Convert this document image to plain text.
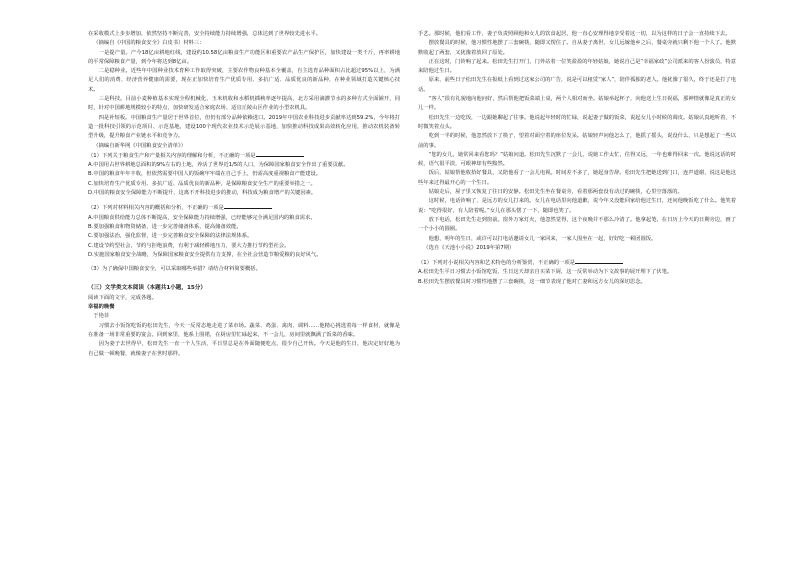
在采收模式上步步增加，依然坚持不断完善，安全持续能力持续增强，总体达到了世界较先进水平。

（摘编自《中国的粮食安全》白皮书）材料三：

一是提产量。产今18亿亩耕地红线，建设约10.58亿亩粮食生产功能区和重要农产品生产保护区，加快建设一类千斤，再率耕地的平常保障粮食产量，到今年将达到8亿亩。

二是稳种业。近些年中国种业技术育种工作取得突破，主要农作物良种基本全覆盖，自主选育品种面积占比超过95%以上，为满足人们的消费、经济营养健康的需要，现在正加快培育生产优质专用、多抗广适、品质优良的新品种，在种业领域打造关键核心技术。

三是科技。目前小麦种植基本实现全程机械化，玉米机收和水稻机插秧率逐年提高，北方采用滴灌节水的多种方式全面铺开，同时，针对中国耕地规模较小的特点，加快研发适合家庭农场、适宜丘陵山区作业的小型农机具。

四是补短板。中国粮食生产量居于世界首位，但仍有部分品种依赖进口。2019年中国农业科技进步贡献率达到59.2%，今年将打造一批科技引领的示范项目、示范基地，建设100个现代农业技术示范展示基地，加快推动科技成果高效转化应用，推动农机装备转型升级，提升粮食产业链水平和竞争力。

（摘编自新华网《中国粮食安全清单》）

（1）下列关于粮食生产和产量相关内容的理解和分析，不正确的一项是

A.中国用占世界耕地总面积的9%左右的土地，养活了世界近1/5的人口，为保障国家粮食安全作出了重要贡献。

B.中国的粮食年年丰收，但依然需要中国人的饭碗牢牢端在自己手上，仍需高度重视粮食产能建设。

C.加快培育生产优质专用、多抗广适、品质优良的新品种，是保障粮食安全生产的重要举措之一。

D.中国的粮食安全保障能力不断提升，这离不开科技进步的推动，科技成为粮食增产的关键因素。

（2）下列对材料相关内容的概括和分析，不正确的一项是

A.中国粮食供给能力总体不断提高，安全保障能力持续增强，已经能够完全满足国内的粮食需求。

B.要加强粮食和物资储备，进一步完善储备体系，提高储备效能。

C.要加强法治，强化监督，进一步完善粮食安全保障的法律法规体系。

C.建设节约型社会，节约与拒绝浪费，有利于减轻耕地压力，要大力推行节约型社会。

D.实施国家粮食安全战略，为保障国家粮食安全提供有力支撑，在全社会营造节粮爱粮的良好风气。

（3）为了确保中国粮食安全，可以采取哪些举措？请结合材料简要概括。

（三）文学类文本阅读（本题共1小题，15分）

阅读下面的文字，完成各题。

幸福的晚餐

于艳菲

习惯去小饭馆吃饭的松田先生，今天一反常态地走进了菜市场。蔬菜、鸡蛋、禽肉、调料……他精心挑选着每一样食材，就像是在准备一场非常重要的宴会。回到家里，他系上围裙，在厨房里忙碌起来，不一会儿，房间里就飘满了饭菜的香味。

因为妻子去世得早，松田先生一直一个人生活，平日里总是在外面随便吃点，很少自己开伙。今天是他的生日，他决定好好地为自己做一顿晚餐，就像妻子在世时那样。

手艺。那时候，他们看工作，妻子负责照顾他和女儿的饮食起居，他一直心安理得地享受着这一切，以为这样的日子会一直持续下去。

摆放餐具的时候，他习惯性地摆了三套碗筷，随即又愣住了。自从妻子离世、女儿远嫁他乡之后，餐桌旁就只剩下他一个人了。他默默收起了两套，又犹豫着放回了原处。

正在这时，门铃响了起来。松田先生打开门，门外站着一位笑盈盈的年轻姑娘，她说自己是“幸福家政”公司派来的客人扮演员，特意来陪他过生日。

原来，前些日子松田先生在报纸上看到过这家公司的广告，说是可以租赁“家人”，陪伴孤独的老人。他犹豫了很久，终于还是打了电话。

“客人”很有礼貌地向他问好，然后帮他把饭菜端上桌，两个人相对而坐。姑娘举起杯子，向他送上生日祝福，那神情就像是真正的女儿一样。

松田先生一边吃饭，一边跟她聊起了往事。他说起年轻时的忙碌，说起妻子做的饭菜，说起女儿小时候的调皮。姑娘认真地听着，不时微笑着点头。

吃到一半的时候，他忽然放下了筷子，望着对面空着的座位发呆。姑娘轻声问他怎么了，他摇了摇头，说没什么，只是想起了一些以前的事。

“您的女儿，她常回来看您吗？”姑娘问道。松田先生沉默了一会儿，说她工作太忙，住得又远，一年也难得回来一次。他说这话的时候，语气很平淡，可眼神却有些黯然。

饭后，姑娘帮他收拾好餐具，又陪他看了一会儿电视。时间差不多了，她起身告辞。松田先生把她送到门口，连声道谢，说这是他这些年来过得最开心的一个生日。

姑娘走后，屋子里又恢复了往日的安静。松田先生坐在餐桌旁，看着那两套没有动过的碗筷，心里空落落的。

这时候，电话铃响了，是远方的女儿打来的。女儿在电话里向他道歉，说今年又没能回家给他过生日，还问他晚饭吃了什么。他笑着说：“吃得很好，有人陪着呢。”女儿在那头愣了一下，随即也笑了。

放下电话，松田先生走到窗前。窗外万家灯火，他忽然觉得，这个夜晚并不那么冷清了。他拿起笔，在日历上今天的日期旁边，画了一个小小的圆圈。

他想，明年的生日，或许可以打电话邀请女儿一家回来，一家人围坐在一起，好好吃一顿团圆饭。

（选自《天池小小说》2019年第7期）

（1）下列对小说相关内容和艺术特色的分析鉴赏，不正确的一项是

A.松田先生平日习惯去小饭馆吃饭，生日这天却亲自买菜下厨，这一反常举动为下文故事的展开埋下了伏笔。

B.松田先生摆放餐具时习惯性地摆了三套碗筷，这一细节表现了他对亡妻和远方女儿的深切思念。
